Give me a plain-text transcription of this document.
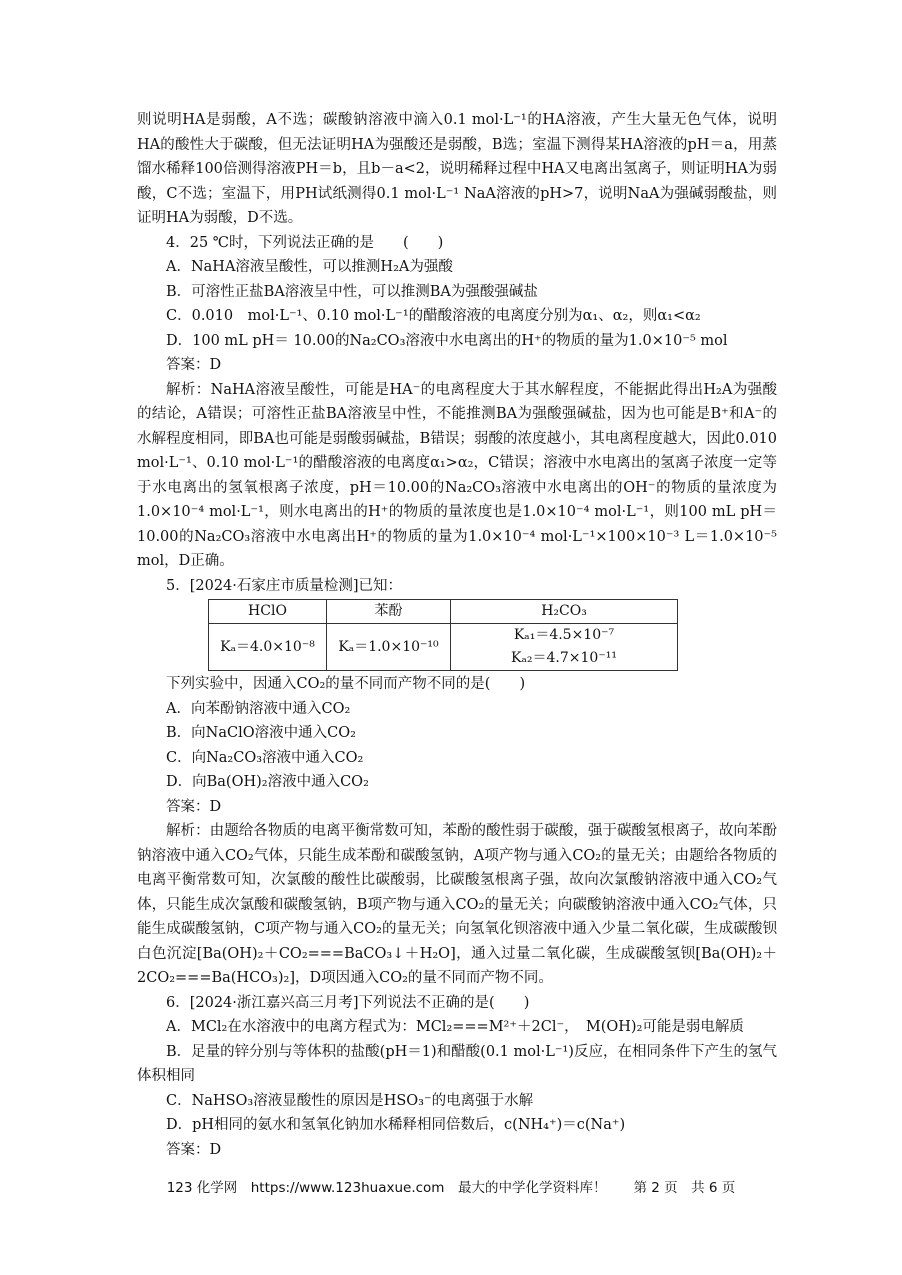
则说明HA是弱酸，A不选；碳酸钠溶液中滴入0.1 mol·L⁻¹的HA溶液，产生大量无色气体，说明HA的酸性大于碳酸，但无法证明HA为强酸还是弱酸，B选；室温下测得某HA溶液的pH＝a，用蒸馏水稀释100倍测得溶液PH＝b，且b－a<2，说明稀释过程中HA又电离出氢离子，则证明HA为弱酸，C不选；室温下，用PH试纸测得0.1 mol·L⁻¹ NaA溶液的pH>7，说明NaA为强碱弱酸盐，则证明HA为弱酸，D不选。

4．25 ℃时，下列说法正确的是　　(　　)

A．NaHA溶液呈酸性，可以推测H₂A为强酸

B．可溶性正盐BA溶液呈中性，可以推测BA为强酸强碱盐

C．0.010　mol·L⁻¹、0.10 mol·L⁻¹的醋酸溶液的电离度分别为α₁、α₂，则α₁<α₂

D．100 mL pH＝ 10.00的Na₂CO₃溶液中水电离出的H⁺的物质的量为1.0×10⁻⁵ mol

答案：D

解析：NaHA溶液呈酸性，可能是HA⁻的电离程度大于其水解程度，不能据此得出H₂A为强酸的结论，A错误；可溶性正盐BA溶液呈中性，不能推测BA为强酸强碱盐，因为也可能是B⁺和A⁻的水解程度相同，即BA也可能是弱酸弱碱盐，B错误；弱酸的浓度越小，其电离程度越大，因此0.010 mol·L⁻¹、0.10 mol·L⁻¹的醋酸溶液的电离度α₁>α₂，C错误；溶液中水电离出的氢离子浓度一定等于水电离出的氢氧根离子浓度，pH＝10.00的Na₂CO₃溶液中水电离出的OH⁻的物质的量浓度为1.0×10⁻⁴ mol·L⁻¹，则水电离出的H⁺的物质的量浓度也是1.0×10⁻⁴ mol·L⁻¹，则100 mL pH＝10.00的Na₂CO₃溶液中水电离出H⁺的物质的量为1.0×10⁻⁴ mol·L⁻¹×100×10⁻³ L＝1.0×10⁻⁵ mol，D正确。

5．[2024·石家庄市质量检测]已知：

HClO	苯酚	H₂CO₃
Kₐ＝4.0×10⁻⁸	Kₐ＝1.0×10⁻¹⁰	Kₐ₁＝4.5×10⁻⁷
Kₐ₂＝4.7×10⁻¹¹

下列实验中，因通入CO₂的量不同而产物不同的是(　　)

A．向苯酚钠溶液中通入CO₂

B．向NaClO溶液中通入CO₂

C．向Na₂CO₃溶液中通入CO₂

D．向Ba(OH)₂溶液中通入CO₂

答案：D

解析：由题给各物质的电离平衡常数可知，苯酚的酸性弱于碳酸，强于碳酸氢根离子，故向苯酚钠溶液中通入CO₂气体，只能生成苯酚和碳酸氢钠，A项产物与通入CO₂的量无关；由题给各物质的电离平衡常数可知，次氯酸的酸性比碳酸弱，比碳酸氢根离子强，故向次氯酸钠溶液中通入CO₂气体，只能生成次氯酸和碳酸氢钠，B项产物与通入CO₂的量无关；向碳酸钠溶液中通入CO₂气体，只能生成碳酸氢钠，C项产物与通入CO₂的量无关；向氢氧化钡溶液中通入少量二氧化碳，生成碳酸钡白色沉淀[Ba(OH)₂＋CO₂===BaCO₃↓＋H₂O]，通入过量二氧化碳，生成碳酸氢钡[Ba(OH)₂＋2CO₂===Ba(HCO₃)₂]，D项因通入CO₂的量不同而产物不同。

6．[2024·浙江嘉兴高三月考]下列说法不正确的是(　　)

A．MCl₂在水溶液中的电离方程式为：MCl₂===M²⁺＋2Cl⁻，　M(OH)₂可能是弱电解质

B．足量的锌分别与等体积的盐酸(pH＝1)和醋酸(0.1 mol·L⁻¹)反应，在相同条件下产生的氢气体积相同

C．NaHSO₃溶液显酸性的原因是HSO₃⁻的电离强于水解

D．pH相同的氨水和氢氧化钠加水稀释相同倍数后，c(NH₄⁺)＝c(Na⁺)

答案：D

123 化学网　https://www.123huaxue.com　最大的中学化学资料库！　　第 2 页　共 6 页
